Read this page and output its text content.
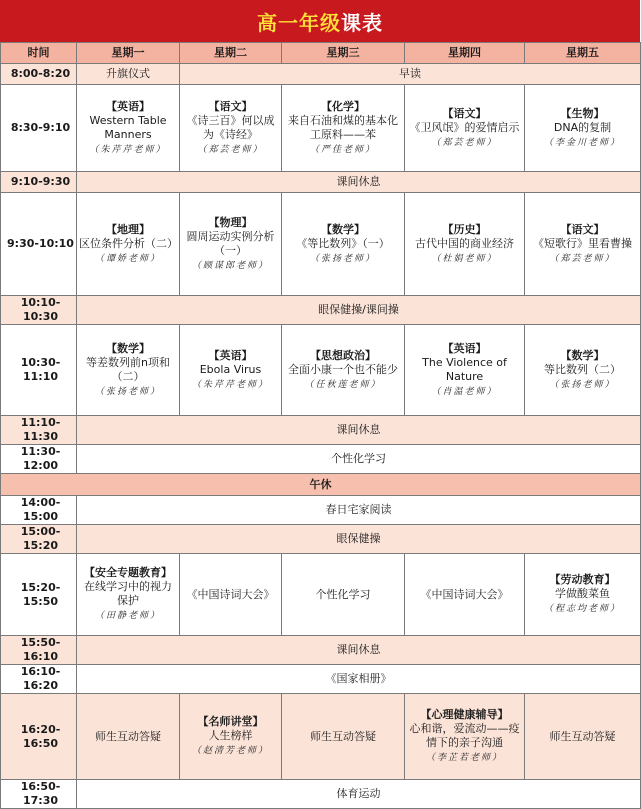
高一年级 课表
时间	星期一	星期二	星期三	星期四	星期五
8:00-8:20	升旗仪式	早读			
8:30-9:10	【英语】
Western Table Manners
（朱芹芹老师）	【语文】
《诗三百》何以成为《诗经》
（郑芸老师）	【化学】
来自石油和煤的基本化工原料——苯
（严佳老师）	【语文】
《卫风氓》的爱情启示
（郑芸老师）	【生物】
DNA的复制
（李金川老师）

9:10-9:30	课间休息				
9:30-10:10	【地理】
区位条件分析（二）
（谭娇老师）	【物理】
圆周运动实例分析（一）
（顾谋郎老师）	【数学】
《等比数列》（一）
（张扬老师）	【历史】
古代中国的商业经济
（杜娟老师）	【语文】
《短歌行》里看曹操
（郑芸老师）

10:10-10:30	眼保健操/课间操				
10:30-11:10	【数学】
等差数列前n项和（二）
（张扬老师）	【英语】
Ebola Virus
（朱芹芹老师）	【思想政治】
全面小康一个也不能少
（任秋莲老师）	【英语】
The Violence of Nature
（肖温老师）	【数学】
等比数列（二）
（张扬老师）

11:10-11:30	课间休息				
11:30-12:00	个性化学习				
午休					
14:00-15:00	春日宅家阅读				
15:00-15:20	眼保健操				
15:20-15:50	【安全专题教育】
在线学习中的视力保护
（田静老师）	《中国诗词大会》	个性化学习	《中国诗词大会》	【劳动教育】
学做酸菜鱼
（程志均老师）

15:50-16:10	课间休息				
16:10-16:20	《国家相册》				
16:20-16:50	师生互动答疑	【名师讲堂】
人生榜样
（赵清芳老师）	师生互动答疑	【心理健康辅导】
心和谐，爱流动——疫情下的亲子沟通
（李芷若老师）	师生互动答疑

16:50-17:30	体育运动				
